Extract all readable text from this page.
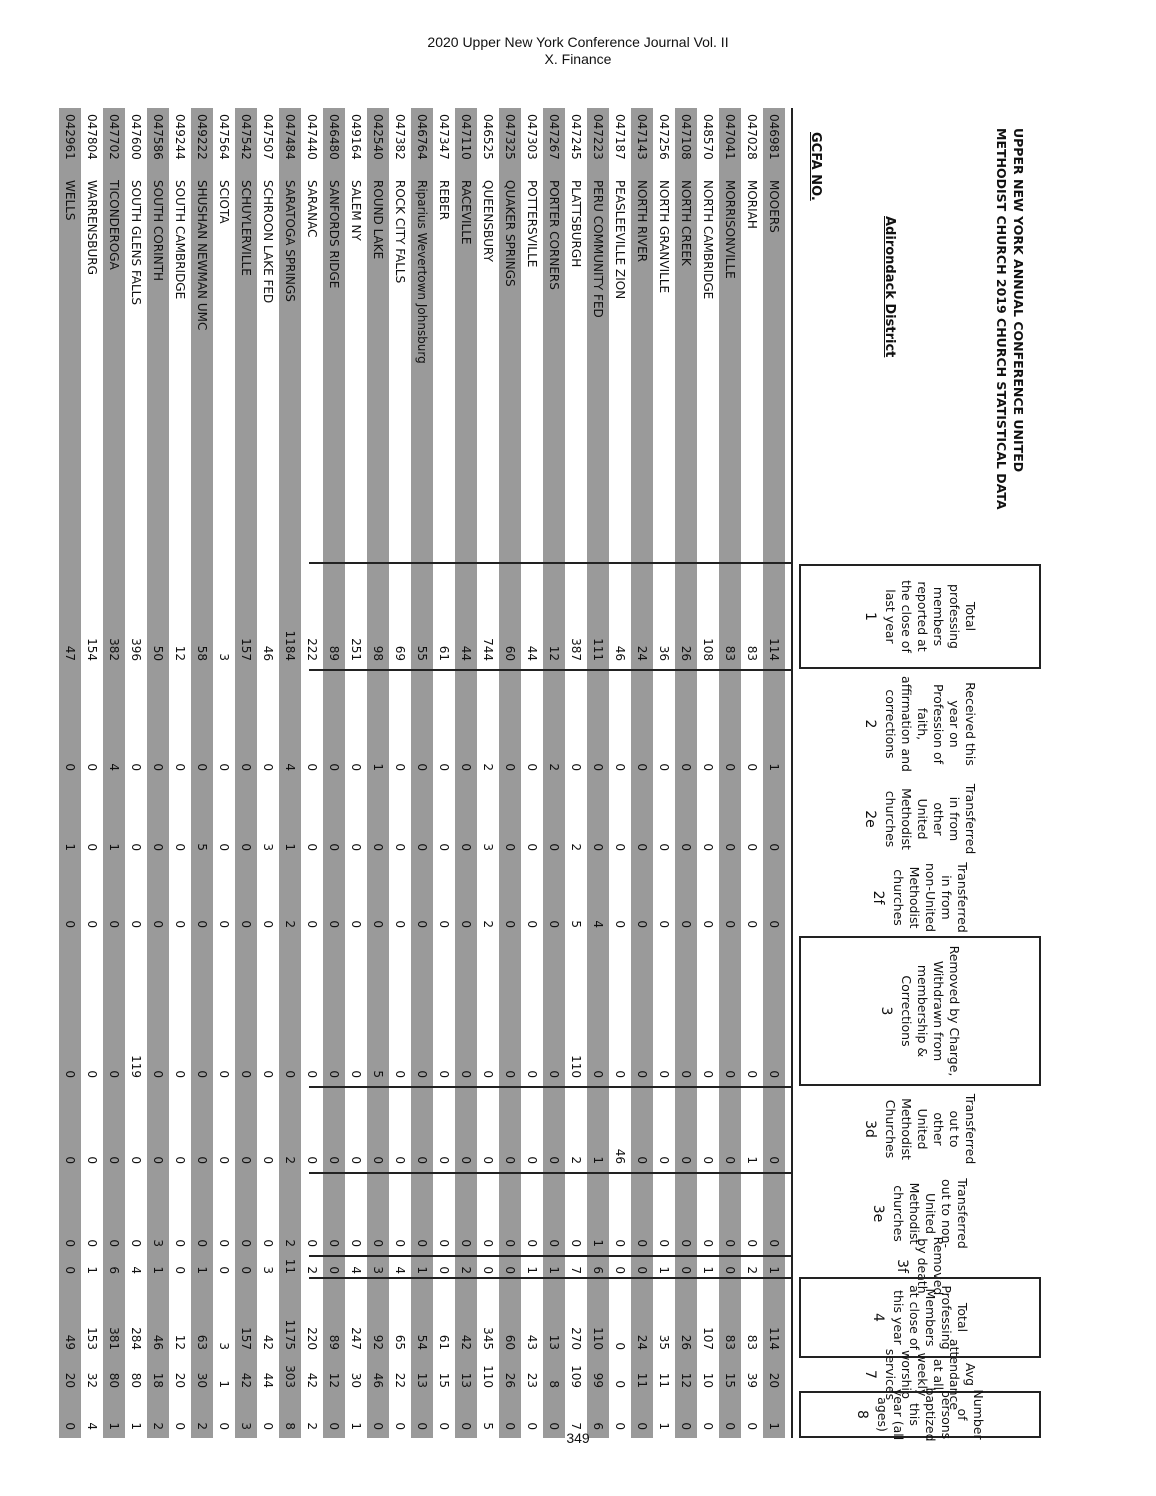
2020 Upper New York Conference Journal Vol. II
X. Finance
UPPER NEW YORK ANNUAL CONFERENCE UNITED
METHODIST CHURCH 2019 CHURCH STATISTICAL DATA
Adirondack District
GCFA NO.
Total professing members reported at the close of last year
1
Received this year on Profession of faith, affirmation and corrections
2
Transferred in from other United Methodist churches
2e
Transferred in from non-United Methodist churches
2f
Removed by Charge, Withdrawn from membership & Corrections
3
Transferred out to other United Methodist Churches
3d
Transferred out to non-United Methodist churches
3e
Removed by death
3f
Total Professing Members at close of this year
4
Avg attendance at all weekly worship services
7
Number of persons baptized this year (all ages)
8
046981
MOOERS
114
1
0
0
0
0
0
1
114
20
1
047028
MORIAH
83
0
0
0
0
1
0
2
83
39
0
047041
MORRISONVILLE
83
0
0
0
0
0
0
0
83
15
0
048570
NORTH CAMBRIDGE
108
0
0
0
0
0
0
1
107
10
0
047108
NORTH CREEK
26
0
0
0
0
0
0
0
26
12
0
047256
NORTH GRANVILLE
36
0
0
0
0
0
0
1
35
11
1
047143
NORTH RIVER
24
0
0
0
0
0
0
0
24
11
0
047187
PEASLEEVILLE ZION
46
0
0
0
0
46
0
0
0
0
0
047223
PERU COMMUNITY FED
111
0
0
4
0
1
1
6
110
99
6
047245
PLATTSBURGH
387
0
2
5
110
2
0
7
270
109
7
047267
PORTER CORNERS
12
2
0
0
0
0
0
1
13
8
0
047303
POTTERSVILLE
44
0
0
0
0
0
0
1
43
23
0
047325
QUAKER SPRINGS
60
0
0
0
0
0
0
0
60
26
0
046525
QUEENSBURY
744
2
3
2
0
0
0
0
345
110
5
047110
RACEVILLE
44
0
0
0
0
0
0
2
42
13
0
047347
REBER
61
0
0
0
0
0
0
0
61
15
0
046764
Riparius Wevertown Johnsburg
55
0
0
0
0
0
0
1
54
13
0
047382
ROCK CITY FALLS
69
0
0
0
0
0
0
4
65
22
0
042540
ROUND LAKE
98
1
0
0
5
0
0
3
92
46
0
049164
SALEM NY
251
0
0
0
0
0
0
4
247
30
1
046480
SANFORDS RIDGE
89
0
0
0
0
0
0
0
89
12
0
047440
SARANAC
222
0
0
0
0
0
0
2
220
42
2
047484
SARATOGA SPRINGS
1184
4
1
2
0
2
2
11
1175
303
8
047507
SCHROON LAKE FED
46
0
3
0
0
0
0
3
42
44
0
047542
SCHUYLERVILLE
157
0
0
0
0
0
0
0
157
42
3
047564
SCIOTA
3
0
0
0
0
0
0
0
3
1
0
049222
SHUSHAN NEWMAN UMC
58
0
5
0
0
0
0
1
63
30
2
049244
SOUTH CAMBRIDGE
12
0
0
0
0
0
0
0
12
20
0
047586
SOUTH CORINTH
50
0
0
0
0
0
3
1
46
18
2
047600
SOUTH GLENS FALLS
396
0
0
0
119
0
0
4
284
80
1
047702
TICONDEROGA
382
4
1
0
0
0
0
6
381
80
1
047804
WARRENSBURG
154
0
0
0
0
0
0
1
153
32
4
042961
WELLS
47
0
1
0
0
0
0
0
49
20
0
349
